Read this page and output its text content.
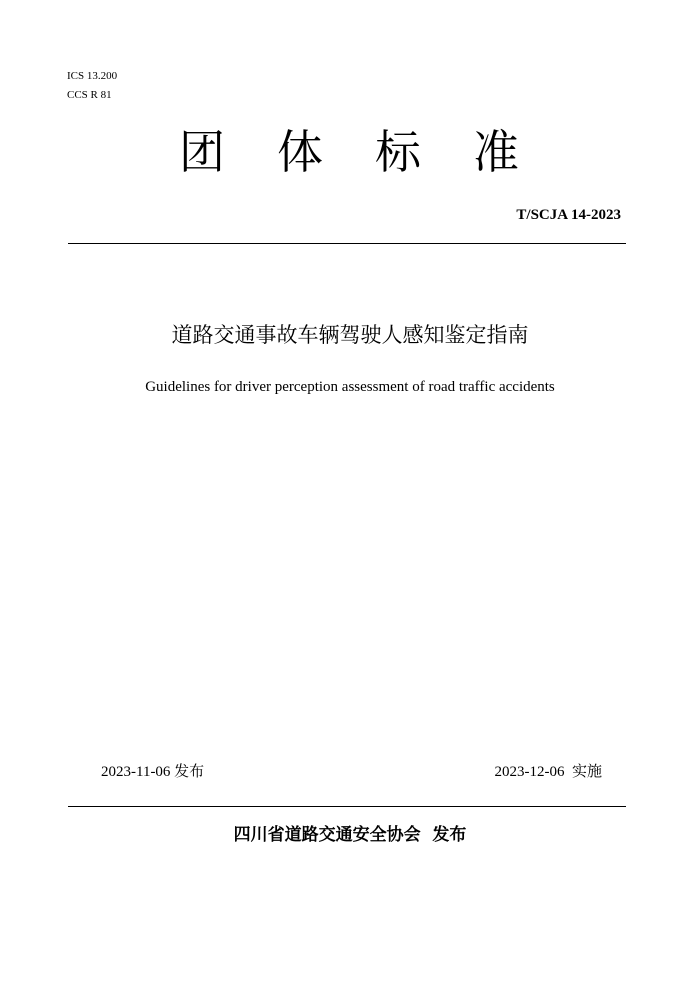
ICS 13.200
CCS R 81
团 体 标 准
T/SCJA 14-2023
道路交通事故车辆驾驶人感知鉴定指南
Guidelines for driver perception assessment of road traffic accidents
2023-11-06 发布	2023-12-06  实施
四川省道路交通安全协会  发布
